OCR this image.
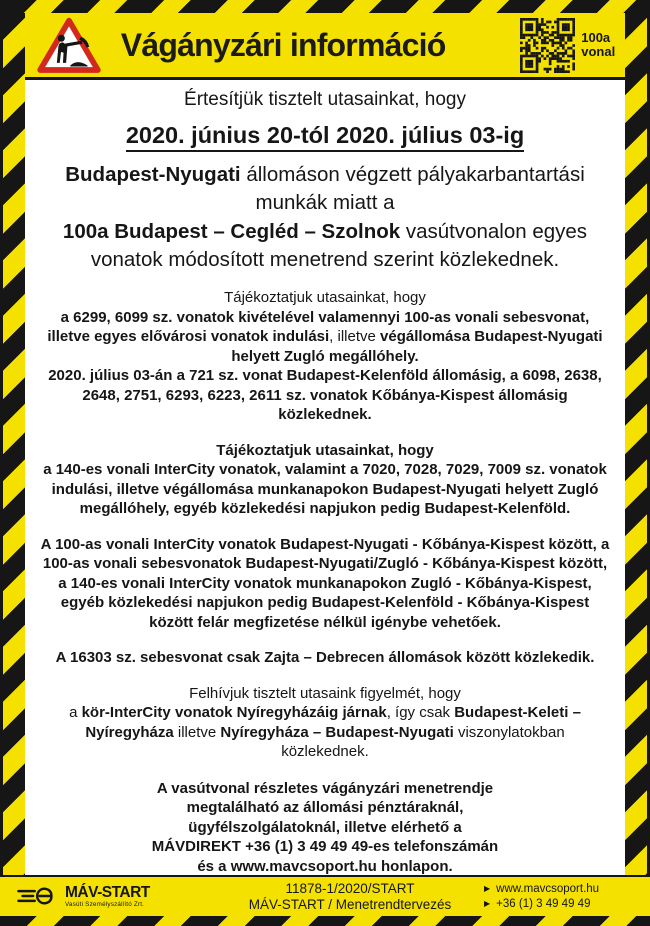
Vágányzári információ	100a
vonal
Értesítjük tisztelt utasainkat, hogy
2020. június 20-tól 2020. július 03-ig
Budapest-Nyugati állomáson végzett pályakarbantartási munkák miatt a
100a Budapest – Cegléd – Szolnok vasútvonalon egyes vonatok módosított menetrend szerint közlekednek.
Tájékoztatjuk utasainkat, hogy
a 6299, 6099 sz. vonatok kivételével valamennyi 100-as vonali sebesvonat, illetve egyes elővárosi vonatok indulási, illetve végállomása Budapest-Nyugati helyett Zugló megállóhely.
2020. július 03-án a 721 sz. vonat Budapest-Kelenföld állomásig, a 6098, 2638, 2648, 2751, 6293, 6223, 2611 sz. vonatok Kőbánya-Kispest állomásig közlekednek.
Tájékoztatjuk utasainkat, hogy
a 140-es vonali InterCity vonatok, valamint a 7020, 7028, 7029, 7009 sz. vonatok indulási, illetve végállomása munkanapokon Budapest-Nyugati helyett Zugló megállóhely, egyéb közlekedési napjukon pedig Budapest-Kelenföld.
A 100-as vonali InterCity vonatok Budapest-Nyugati - Kőbánya-Kispest között, a 100-as vonali sebesvonatok Budapest-Nyugati/Zugló - Kőbánya-Kispest között, a 140-es vonali InterCity vonatok munkanapokon Zugló - Kőbánya-Kispest, egyéb közlekedési napjukon pedig Budapest-Kelenföld - Kőbánya-Kispest között felár megfizetése nélkül igénybe vehetőek.
A 16303 sz. sebesvonat csak Zajta – Debrecen állomások között közlekedik.
Felhívjuk tisztelt utasaink figyelmét, hogy
a kör-InterCity vonatok Nyíregyházáig járnak, így csak Budapest-Keleti – Nyíregyháza illetve Nyíregyháza – Budapest-Nyugati viszonylatokban közlekednek.
A vasútvonal részletes vágányzári menetrendje
megtalálható az állomási pénztáraknál,
ügyfélszolgálatoknál, illetve elérhető a
MÁVDIREKT +36 (1) 3 49 49 49-es telefonszámán
és a www.mavcsoport.hu honlapon.
MÁV-START
Vasúti Személyszállító Zrt.
11878-1/2020/START
MÁV-START / Menetrendtervezés
▶ www.mavcsoport.hu
▶ +36 (1) 3 49 49 49
